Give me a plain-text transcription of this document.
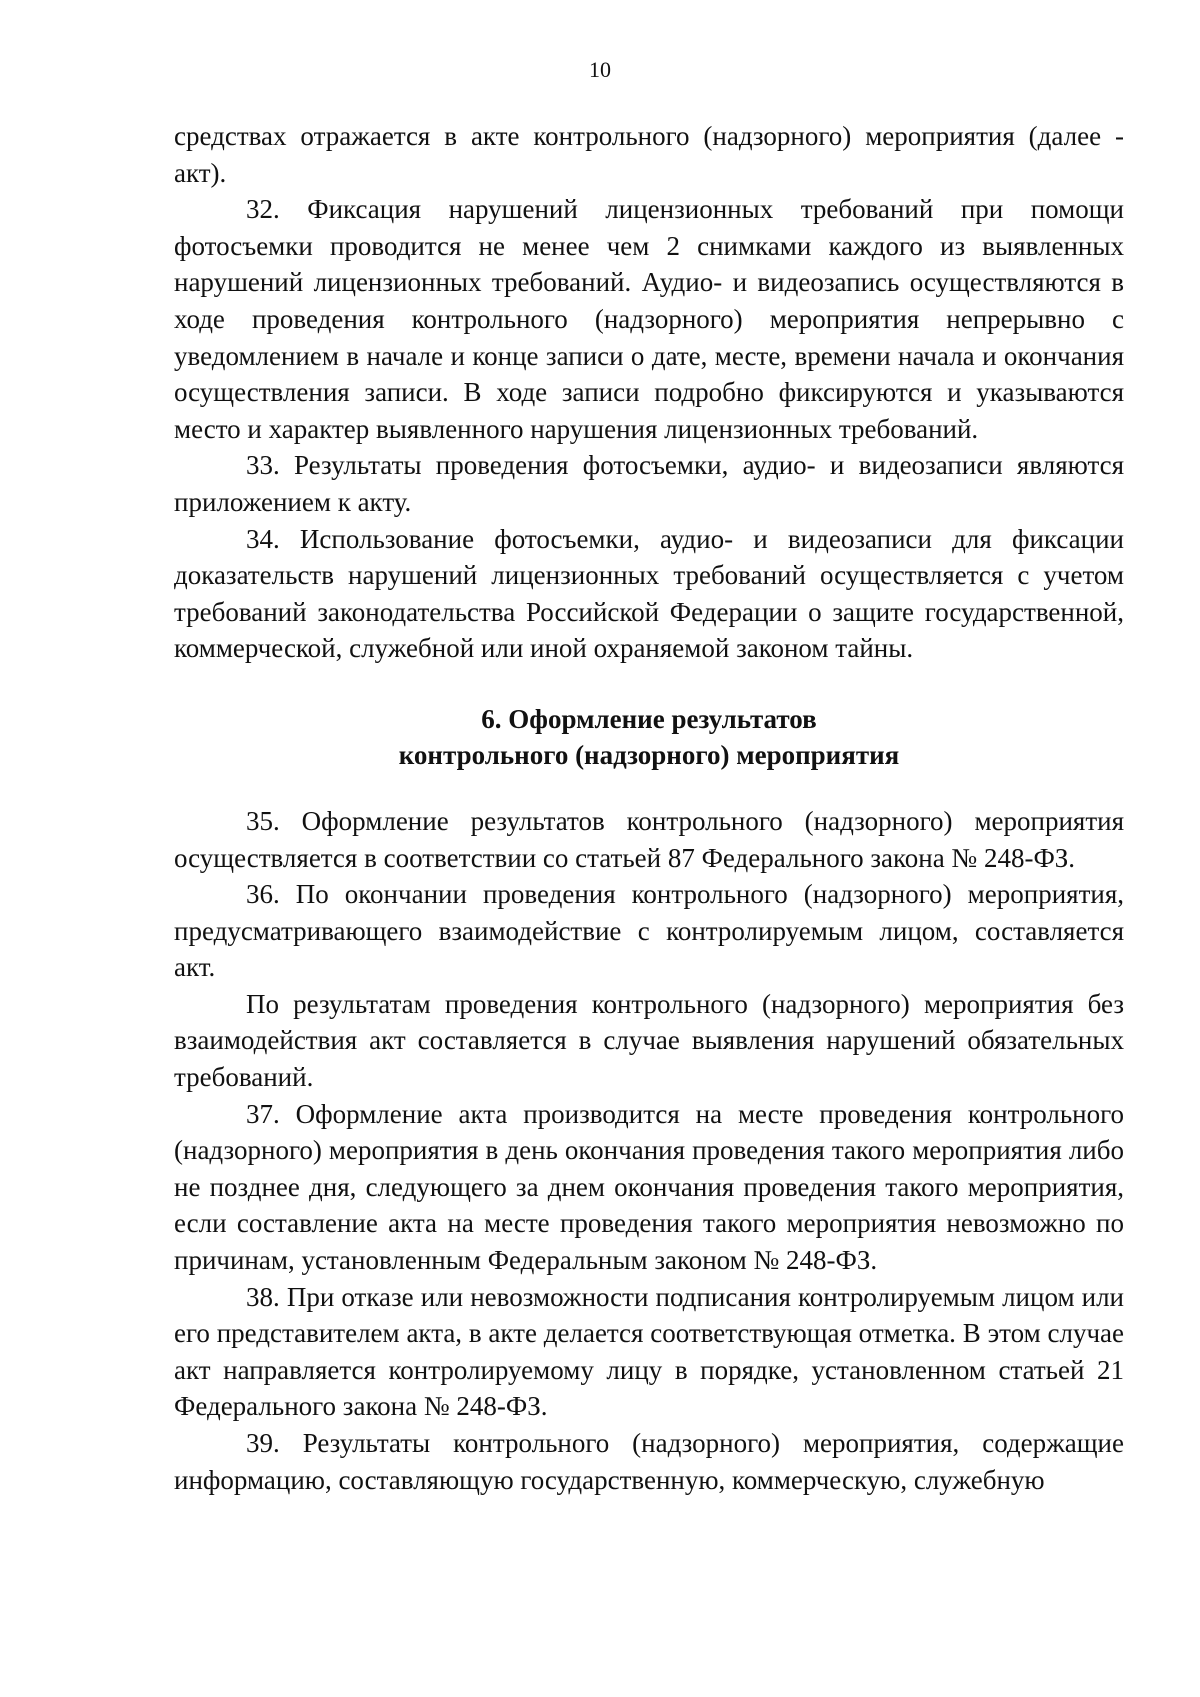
10

средствах отражается в акте контрольного (надзорного) мероприятия (далее - акт).

32. Фиксация нарушений лицензионных требований при помощи фотосъемки проводится не менее чем 2 снимками каждого из выявленных нарушений лицензионных требований. Аудио- и видеозапись осуществляются в ходе проведения контрольного (надзорного) мероприятия непрерывно с уведомлением в начале и конце записи о дате, месте, времени начала и окончания осуществления записи. В ходе записи подробно фиксируются и указываются место и характер выявленного нарушения лицензионных требований.

33. Результаты проведения фотосъемки, аудио- и видеозаписи являются приложением к акту.

34. Использование фотосъемки, аудио- и видеозаписи для фиксации доказательств нарушений лицензионных требований осуществляется с учетом требований законодательства Российской Федерации о защите государственной, коммерческой, служебной или иной охраняемой законом тайны.

6. Оформление результатов
контрольного (надзорного) мероприятия

35. Оформление результатов контрольного (надзорного) мероприятия осуществляется в соответствии со статьей 87 Федерального закона № 248-ФЗ.

36. По окончании проведения контрольного (надзорного) мероприятия, предусматривающего взаимодействие с контролируемым лицом, составляется акт.

По результатам проведения контрольного (надзорного) мероприятия без взаимодействия акт составляется в случае выявления нарушений обязательных требований.

37. Оформление акта производится на месте проведения контрольного (надзорного) мероприятия в день окончания проведения такого мероприятия либо не позднее дня, следующего за днем окончания проведения такого мероприятия, если составление акта на месте проведения такого мероприятия невозможно по причинам, установленным Федеральным законом № 248-ФЗ.

38. При отказе или невозможности подписания контролируемым лицом или его представителем акта, в акте делается соответствующая отметка. В этом случае акт направляется контролируемому лицу в порядке, установленном статьей 21 Федерального закона № 248-ФЗ.

39. Результаты контрольного (надзорного) мероприятия, содержащие информацию, составляющую государственную, коммерческую, служебную
